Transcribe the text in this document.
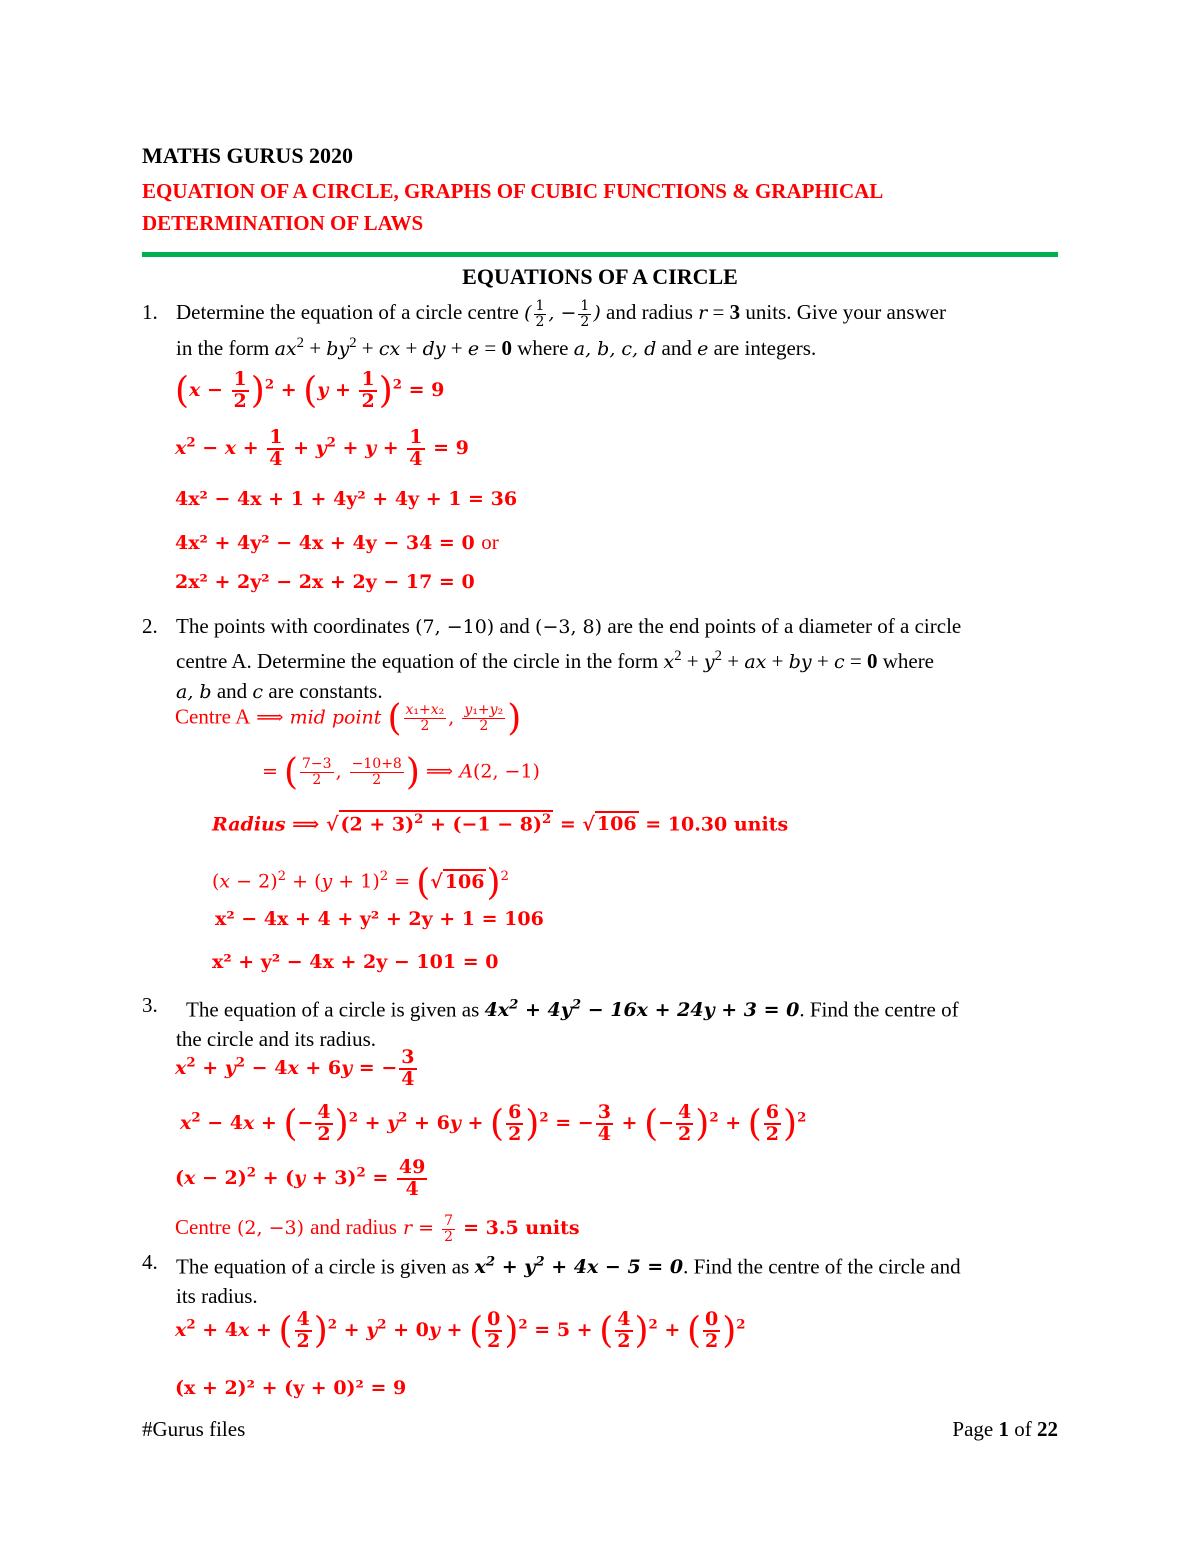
MATHS GURUS 2020
EQUATION OF A CIRCLE, GRAPHS OF CUBIC FUNCTIONS & GRAPHICAL DETERMINATION OF LAWS
EQUATIONS OF A CIRCLE
1. Determine the equation of a circle centre ( $\frac{1}{2}$ , − $\frac{1}{2}$ ) and radius r = 3 units. Give your answer
in the form $ax^2 + by^2$ + cx + dy + e = 0 where a, b, c, d and e are integers.
$(x - \frac{1}{2} )^2 + (y + \frac{1}{2} )^2 = 9$
$x^2 - x + \frac{1}{4} + y^2 + y + \frac{1}{4} = 9$
4x² − 4x + 1 + 4y² + 4y + 1 = 36
4x² + 4y² − 4x + 4y − 34 = 0 or
2x² + 2y² − 2x + 2y − 17 = 0
2. The points with coordinates (7, −10) and (−3, 8) are the end points of a diameter of a circle
centre A. Determine the equation of the circle in the form $x^2 + y^2$ + ax + by + c = 0 where
a, b and c are constants.
Centre A ⟹ mid point ( $\frac{\text{x₁+x₂}}{2}$ , $\frac{\text{y₁+y₂}}{2}$ )
= ( $\frac{7-3}{2}$ , $\frac{-10+8}{2}$ ) ⟹ A(2, −1)
Radius ⟹ √ $(2 + 3)^2 + (-1 - 8)^2$ = √ 106 = 10.30 units
$(x - 2)^2 + (y + 1)^2$ = (√ 106)$^2$
x² − 4x + 4 + y² + 2y + 1 = 106
x² + y² − 4x + 2y − 101 = 0
3. The equation of a circle is given as $4x^2 + 4y^2 - 16x + 24y + 3 = 0$. Find the centre of
the circle and its radius.
$x^2 + y^2 - 4x + 6y$ = − $\frac{3}{4}$
$x^2 - 4x$ + (− $\frac{4}{2} )^2 + y^2 + 6y$ + ( $\frac{6}{2} )^2$ = − $\frac{3}{4}$ + (− $\frac{4}{2} )^2$ + ( $\frac{6}{2} )^2$
$(x - 2)^2 + (y + 3)^2 = \frac{49}{4}$
Centre (2, −3) and radius $r = \frac{7}{2} = 3.5$ units
4. The equation of a circle is given as $x^2 + y^2 + 4x - 5 = 0$. Find the centre of the circle and
its radius.
$x^2 + 4x$ + ( $\frac{4}{2} )^2 + y^2 + 0y$ + ( $\frac{0}{2} )^2 = 5$ + ( $\frac{4}{2} )^2$ + ( $\frac{0}{2} )^2$
(x + 2)² + (y + 0)² = 9
#Gurus files	Page 1 of 22
